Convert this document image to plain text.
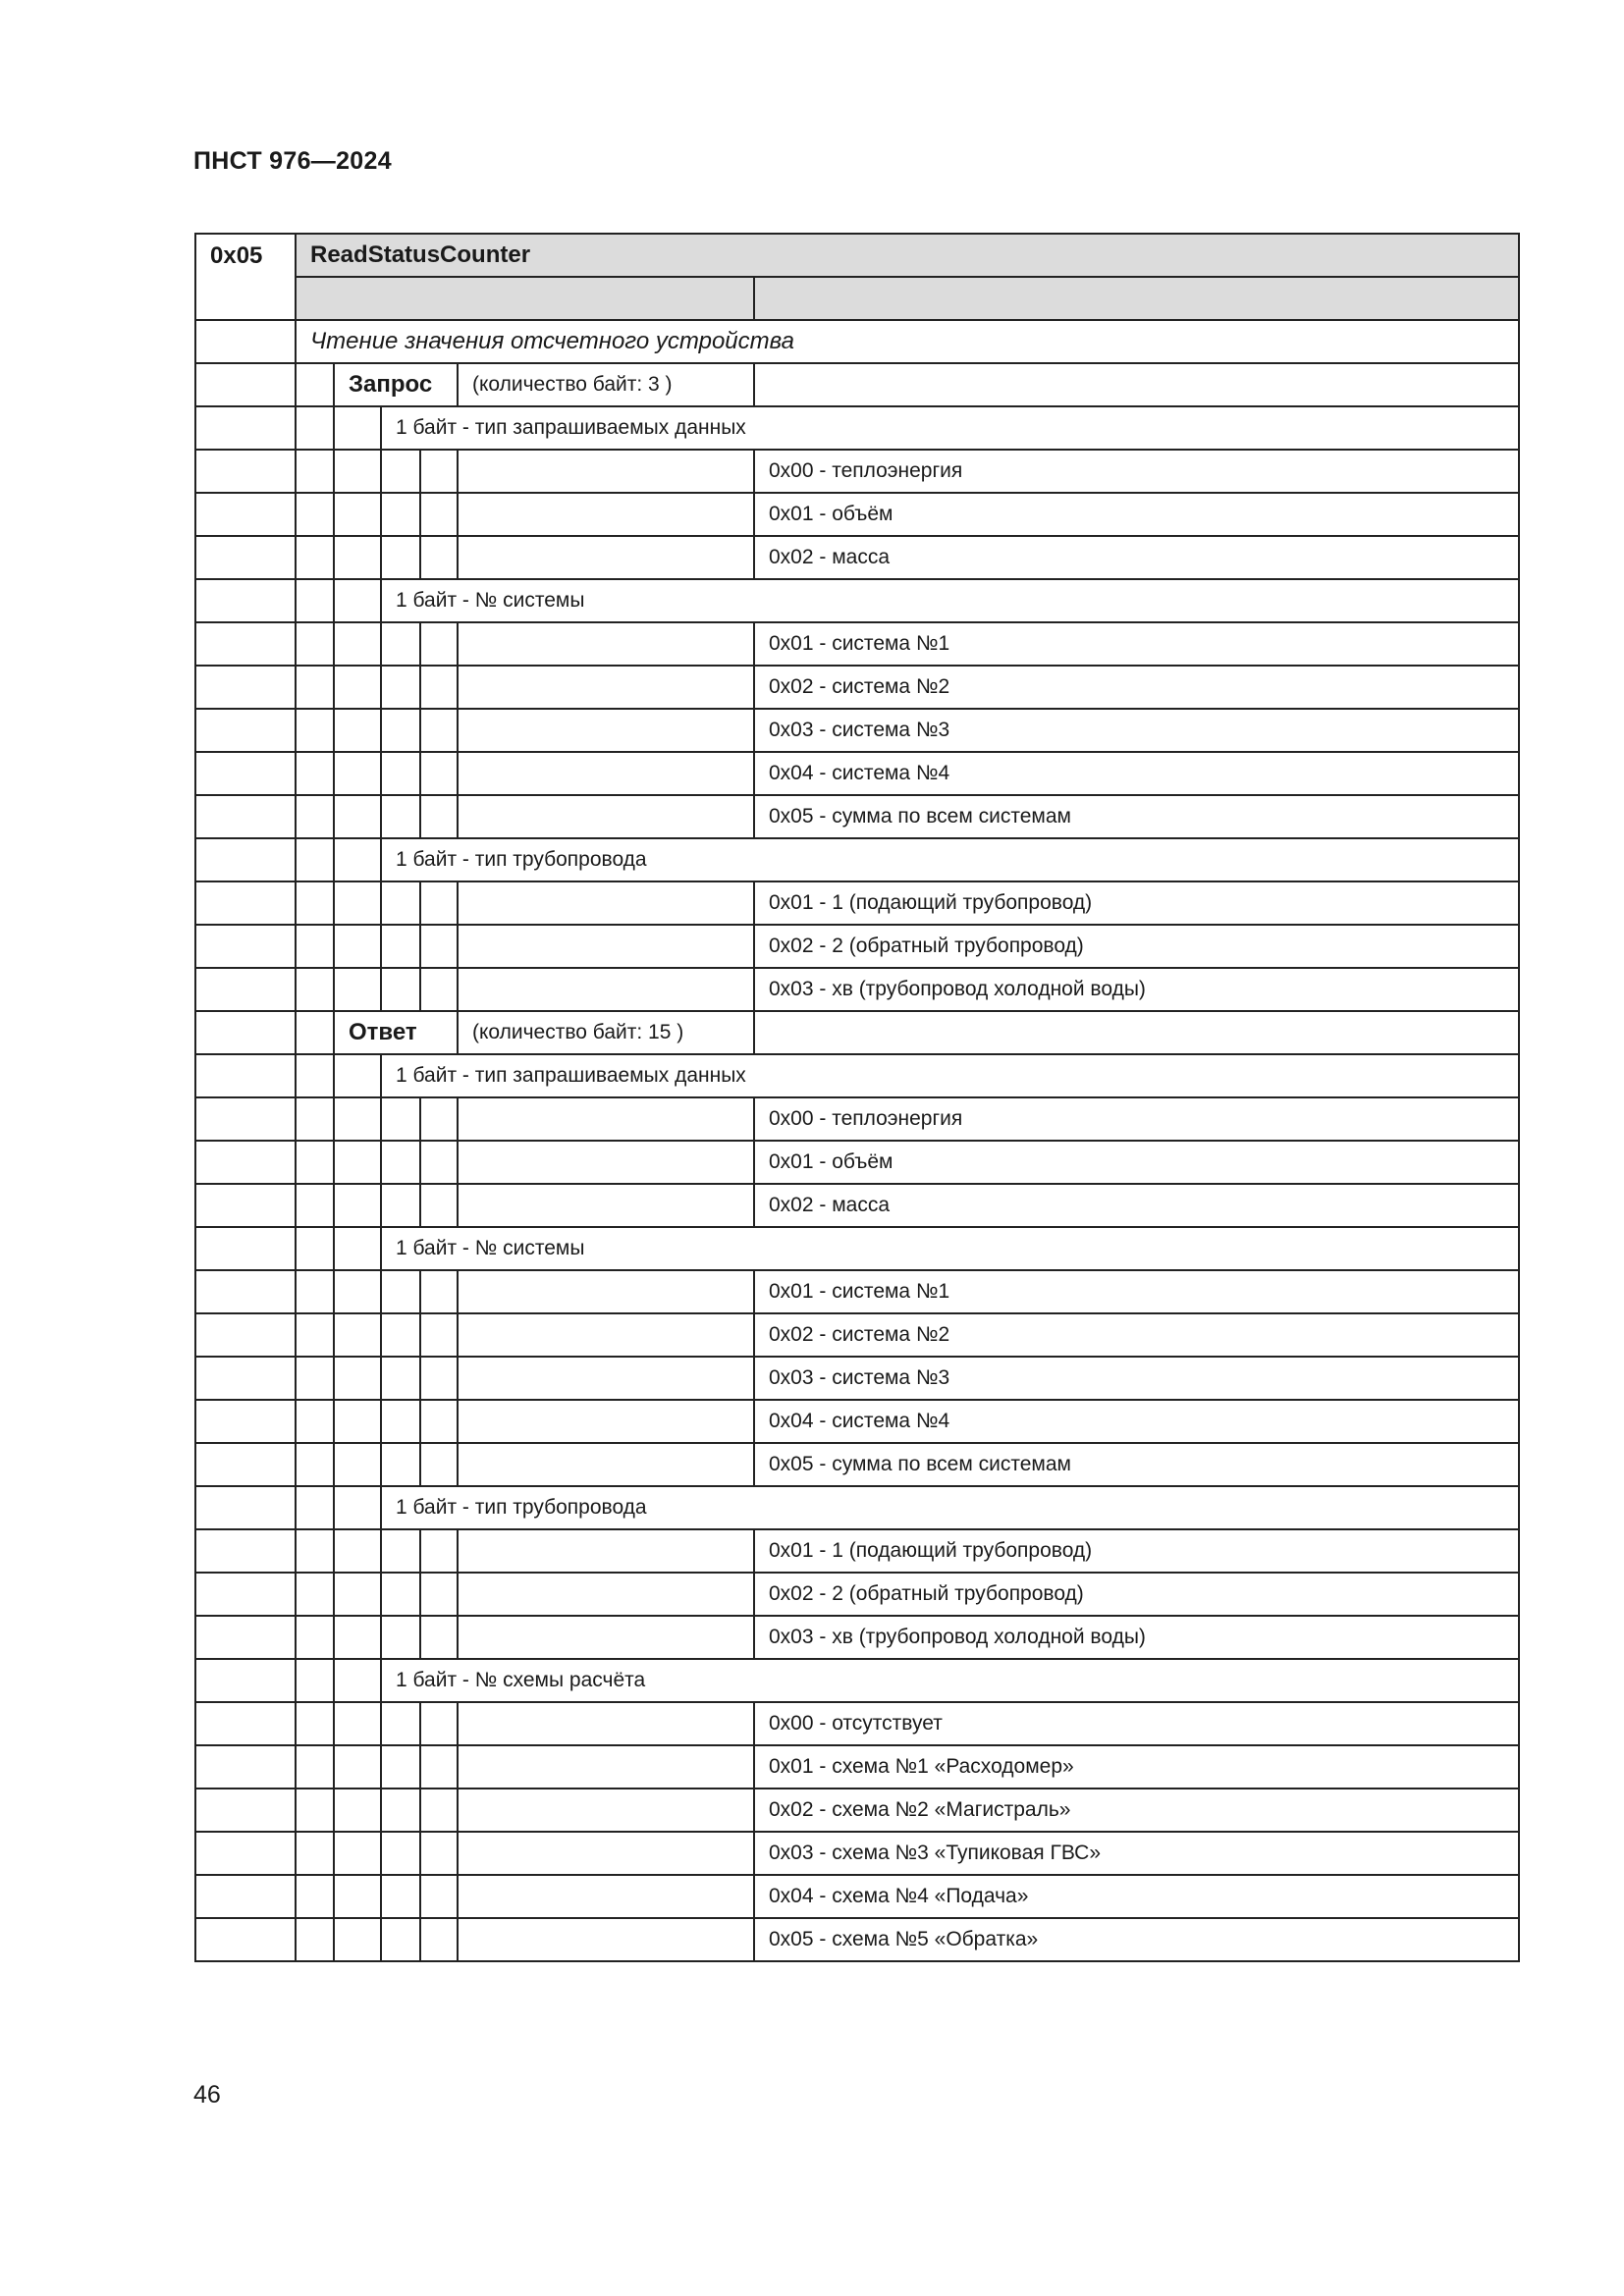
ПНСТ 976—2024
0x05	ReadStatusCounter					

	Чтение значения отсчетного устройства					
		Запрос			(количество байт: 3 )	
			1 байт - тип запрашиваемых данных			
						0x00 - теплоэнергия
						0x01 - объём
						0x02 - масса
			1 байт - № системы			
						0x01 - система №1
						0x02 - система №2
						0x03 - система №3
						0x04 - система №4
						0x05 - сумма по всем системам
			1 байт - тип трубопровода			
						0x01 - 1 (подающий трубопровод)
						0x02 - 2 (обратный трубопровод)
						0x03 - хв (трубопровод холодной воды)
		Ответ			(количество байт: 15 )	
			1 байт - тип запрашиваемых данных			
						0x00 - теплоэнергия
						0x01 - объём
						0x02 - масса
			1 байт - № системы			
						0x01 - система №1
						0x02 - система №2
						0x03 - система №3
						0x04 - система №4
						0x05 - сумма по всем системам
			1 байт - тип трубопровода			
						0x01 - 1 (подающий трубопровод)
						0x02 - 2 (обратный трубопровод)
						0x03 - хв (трубопровод холодной воды)
			1 байт - № схемы расчёта			
						0x00 - отсутствует
						0x01 - схема №1 «Расходомер»
						0x02 - схема №2 «Магистраль»
						0x03 - схема №3 «Тупиковая ГВС»
						0x04 - схема №4 «Подача»
						0x05 - схема №5 «Обратка»
46
